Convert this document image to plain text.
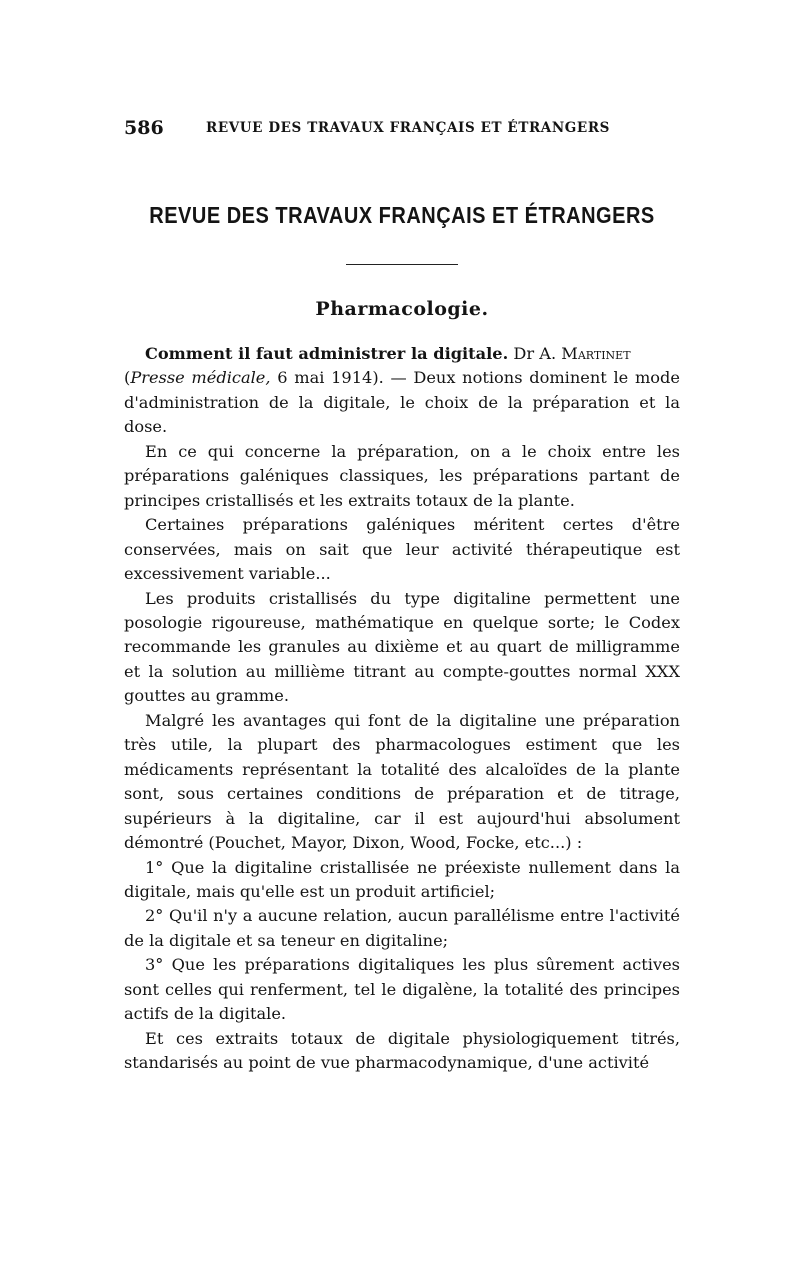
586	REVUE DES TRAVAUX FRANÇAIS ET ÉTRANGERS
REVUE DES TRAVAUX FRANÇAIS ET ÉTRANGERS
Pharmacologie.

Comment il faut administrer la digitale. Dr A. Martinet
(Presse médicale, 6 mai 1914). — Deux notions dominent le mode d'administration de la digitale, le choix de la préparation et la dose.

En ce qui concerne la préparation, on a le choix entre les préparations galéniques classiques, les préparations partant de principes cristallisés et les extraits totaux de la plante.

Certaines préparations galéniques méritent certes d'être conservées, mais on sait que leur activité thérapeutique est excessivement variable...

Les produits cristallisés du type digitaline permettent une posologie rigoureuse, mathématique en quelque sorte; le Codex recommande les granules au dixième et au quart de milligramme et la solution au millième titrant au compte-gouttes normal XXX gouttes au gramme.

Malgré les avantages qui font de la digitaline une préparation très utile, la plupart des pharmacologues estiment que les médicaments représentant la totalité des alcaloïdes de la plante sont, sous certaines conditions de préparation et de titrage, supérieurs à la digitaline, car il est aujourd'hui absolument démontré (Pouchet, Mayor, Dixon, Wood, Focke, etc...) :

1° Que la digitaline cristallisée ne préexiste nullement dans la digitale, mais qu'elle est un produit artificiel;

2° Qu'il n'y a aucune relation, aucun parallélisme entre l'activité de la digitale et sa teneur en digitaline;

3° Que les préparations digitaliques les plus sûrement actives sont celles qui renferment, tel le digalène, la totalité des principes actifs de la digitale.

Et ces extraits totaux de digitale physiologiquement titrés, standarisés au point de vue pharmacodynamique, d'une activité
